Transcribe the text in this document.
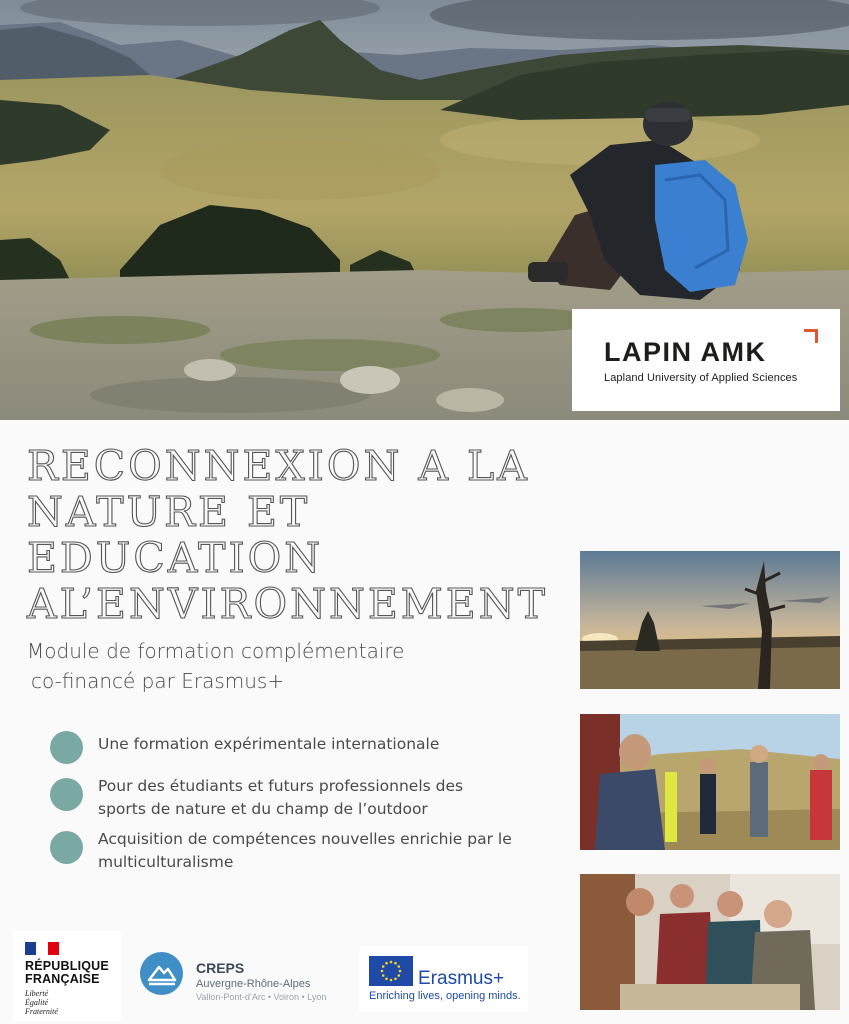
LAPIN AMK
Lapland University of Applied Sciences
RECONNEXION A LA
NATURE ET
EDUCATION
AL’ENVIRONNEMENT
Module de formation complémentaire
co-financé par Erasmus+
Une formation expérimentale internationale
Pour des étudiants et futurs professionnels des
sports de nature et du champ de l’outdoor
Acquisition de compétences nouvelles enrichie par le
multiculturalisme
RÉPUBLIQUE
FRANÇAISE
Liberté
Égalité
Fraternité
CREPS
Auvergne-Rhône-Alpes
Vallon-Pont-d’Arc • Voiron • Lyon
Erasmus+
Enriching lives, opening minds.
